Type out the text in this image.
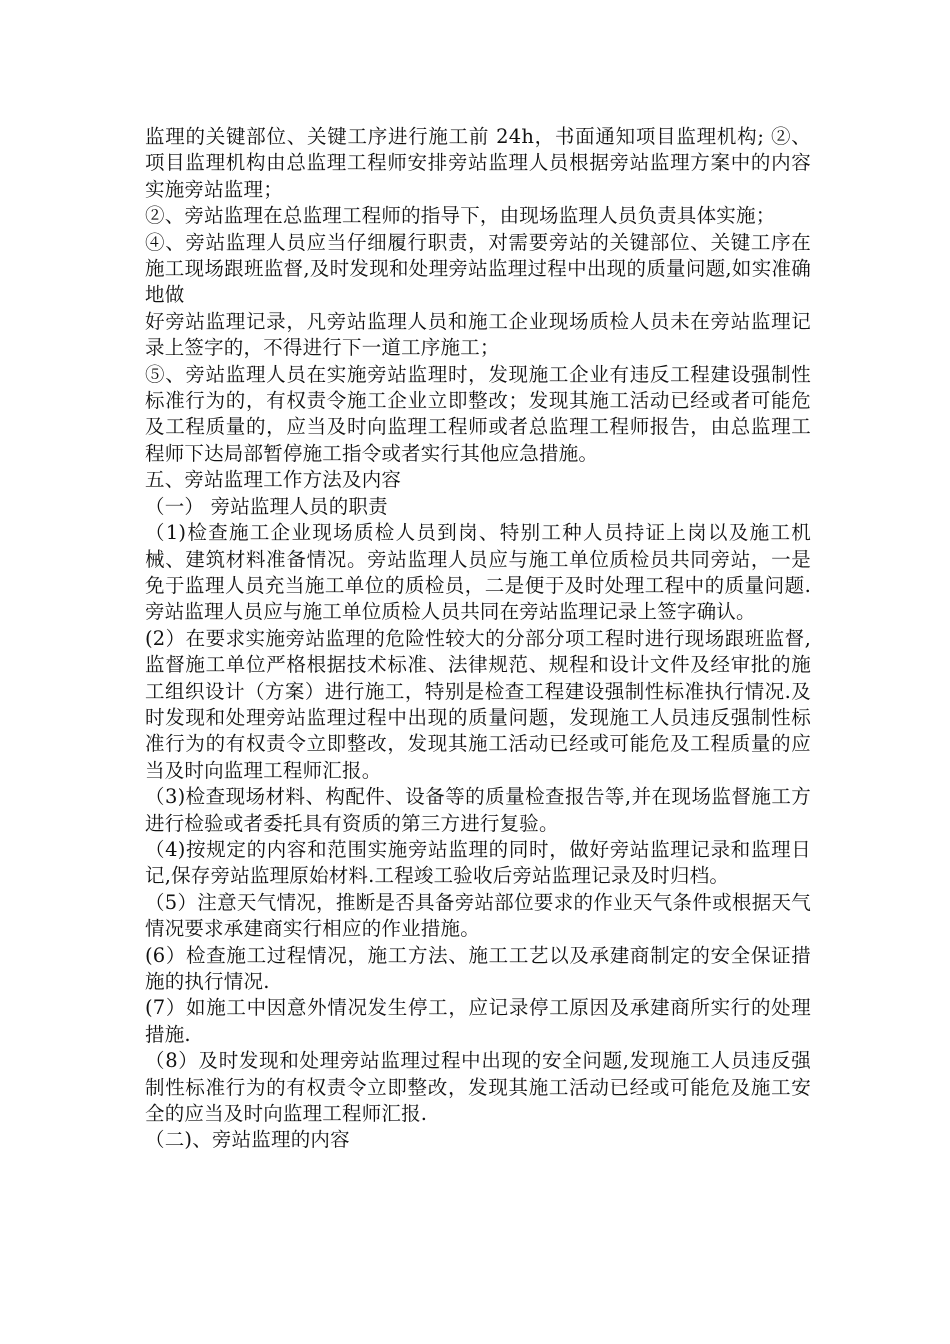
监理的关键部位、关键工序进行施工前 24h，书面通知项目监理机构; ②、项目监理机构由总监理工程师安排旁站监理人员根据旁站监理方案中的内容实施旁站监理；

②、旁站监理在总监理工程师的指导下，由现场监理人员负责具体实施；

④、旁站监理人员应当仔细履行职责，对需要旁站的关键部位、关键工序在施工现场跟班监督,及时发现和处理旁站监理过程中出现的质量问题,如实准确地做

好旁站监理记录，凡旁站监理人员和施工企业现场质检人员未在旁站监理记录上签字的，不得进行下一道工序施工；

⑤、旁站监理人员在实施旁站监理时，发现施工企业有违反工程建设强制性标准行为的，有权责令施工企业立即整改；发现其施工活动已经或者可能危及工程质量的，应当及时向监理工程师或者总监理工程师报告，由总监理工程师下达局部暂停施工指令或者实行其他应急措施。

五、旁站监理工作方法及内容

（一） 旁站监理人员的职责

（1)检查施工企业现场质检人员到岗、特别工种人员持证上岗以及施工机械、建筑材料准备情况。旁站监理人员应与施工单位质检员共同旁站，一是免于监理人员充当施工单位的质检员，二是便于及时处理工程中的质量问题.旁站监理人员应与施工单位质检人员共同在旁站监理记录上签字确认。

(2）在要求实施旁站监理的危险性较大的分部分项工程时进行现场跟班监督,监督施工单位严格根据技术标准、法律规范、规程和设计文件及经审批的施工组织设计（方案）进行施工，特别是检查工程建设强制性标准执行情况.及时发现和处理旁站监理过程中出现的质量问题，发现施工人员违反强制性标准行为的有权责令立即整改，发现其施工活动已经或可能危及工程质量的应当及时向监理工程师汇报。

（3)检查现场材料、构配件、设备等的质量检查报告等,并在现场监督施工方进行检验或者委托具有资质的第三方进行复验。

（4)按规定的内容和范围实施旁站监理的同时，做好旁站监理记录和监理日记,保存旁站监理原始材料.工程竣工验收后旁站监理记录及时归档。

（5）注意天气情况，推断是否具备旁站部位要求的作业天气条件或根据天气情况要求承建商实行相应的作业措施。

(6）检查施工过程情况，施工方法、施工工艺以及承建商制定的安全保证措施的执行情况.

(7）如施工中因意外情况发生停工，应记录停工原因及承建商所实行的处理措施.

（8）及时发现和处理旁站监理过程中出现的安全问题,发现施工人员违反强制性标准行为的有权责令立即整改，发现其施工活动已经或可能危及施工安全的应当及时向监理工程师汇报.

（二)、旁站监理的内容
